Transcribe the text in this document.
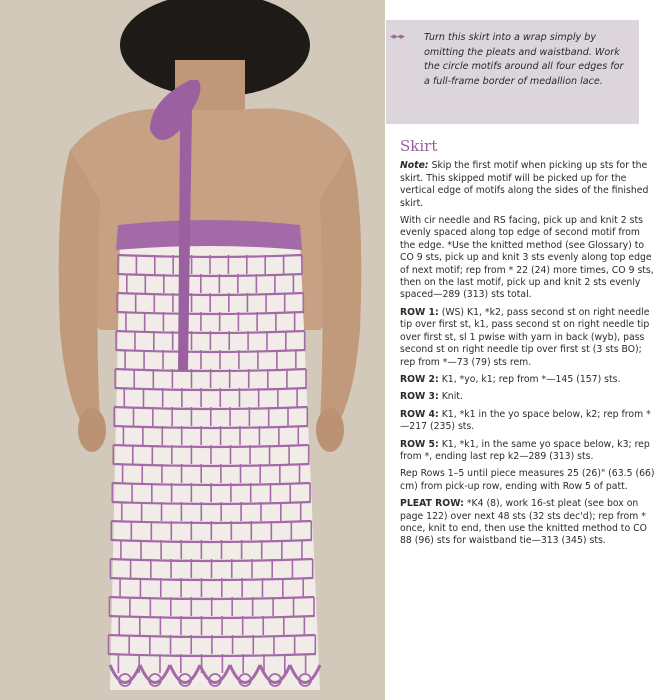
◂▸◂▸ Turn this skirt into a wrap simply by omitting the pleats and waistband. Work the circle motifs around all four edges for a full-frame border of medallion lace.
Skirt

Note: Skip the first motif when picking up sts for the skirt. This skipped motif will be picked up for the vertical edge of motifs along the sides of the finished skirt.

With cir needle and RS facing, pick up and knit 2 sts evenly spaced along top edge of second motif from the edge. *Use the knitted method (see Glossary) to CO 9 sts, pick up and knit 3 sts evenly along top edge of next motif; rep from * 22 (24) more times, CO 9 sts, then on the last motif, pick up and knit 2 sts evenly spaced—289 (313) sts total.

ROW 1: (WS) K1, *k2, pass second st on right needle tip over first st, k1, pass second st on right needle tip over first st, sl 1 pwise with yarn in back (wyb), pass second st on right needle tip over first st (3 sts BO); rep from *—73 (79) sts rem.

ROW 2: K1, *yo, k1; rep from *—145 (157) sts.

ROW 3: Knit.

ROW 4: K1, *k1 in the yo space below, k2; rep from *—217 (235) sts.

ROW 5: K1, *k1, in the same yo space below, k3; rep from *, ending last rep k2—289 (313) sts.

Rep Rows 1–5 until piece measures 25 (26)" (63.5 (66) cm) from pick-up row, ending with Row 5 of patt.

PLEAT ROW: *K4 (8), work 16-st pleat (see box on page 122) over next 48 sts (32 sts dec'd); rep from * once, knit to end, then use the knitted method to CO 88 (96) sts for waistband tie—313 (345) sts.
